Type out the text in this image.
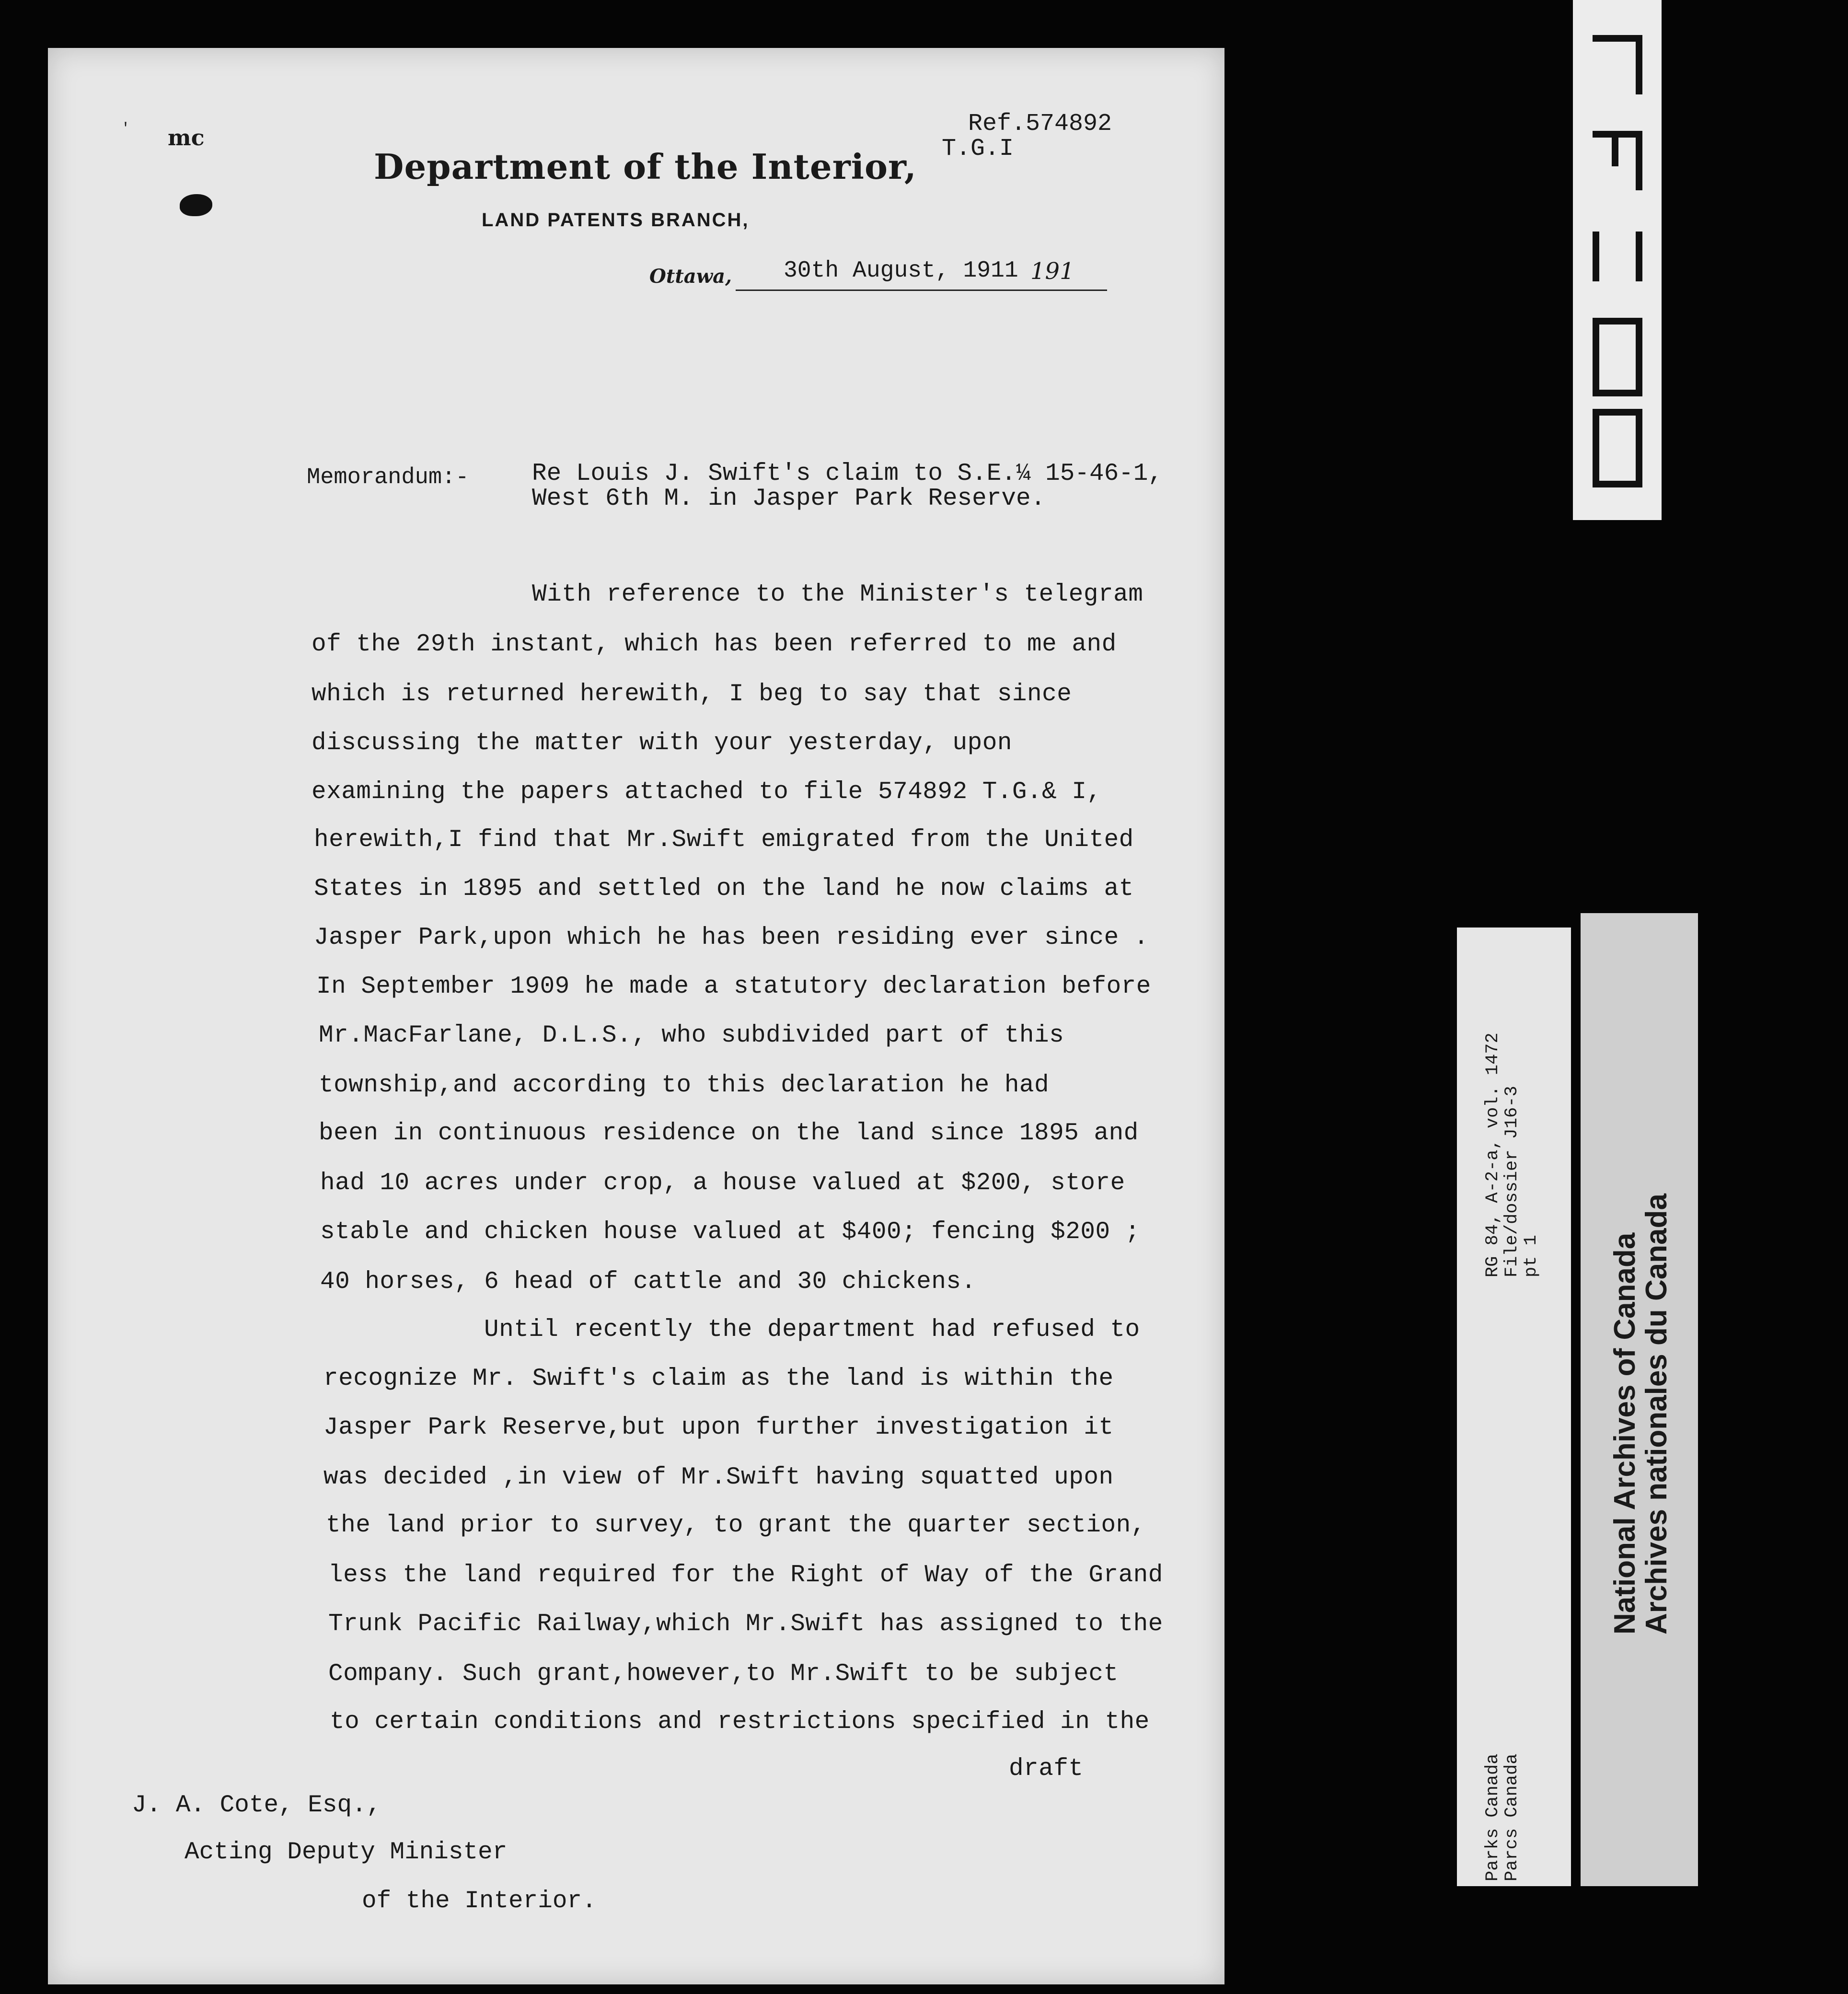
ʹ mc	Ref.574892
T.G.I
Department of the Interior,
LAND PATENTS BRANCH,
Ottawa, 30th August, 1911 191
Memorandum:-	Re Louis J. Swift's claim to S.E.¼ 15-46-1,
West 6th M. in Jasper Park Reserve.
With reference to the Minister's telegram
of the 29th instant, which has been referred to me and
which is returned herewith, I beg to say that since
discussing the matter with your yesterday, upon
examining the papers attached to file 574892 T.G.& I,
herewith,I find that Mr.Swift emigrated from the United
States in 1895 and settled on the land he now claims at
Jasper Park,upon which he has been residing ever since .
In September 1909 he made a statutory declaration before
Mr.MacFarlane, D.L.S., who subdivided part of this
township,and according to this declaration he had
been in continuous residence on the land since 1895 and
had 10 acres under crop, a house valued at $200, store
stable and chicken house valued at $400; fencing $200 ;
40 horses, 6 head of cattle and 30 chickens.
Until recently the department had refused to
recognize Mr. Swift's claim as the land is within the
Jasper Park Reserve,but upon further investigation it
was decided ,in view of Mr.Swift having squatted upon
the land prior to survey, to grant the quarter section,
less the land required for the Right of Way of the Grand
Trunk Pacific Railway,which Mr.Swift has assigned to the
Company. Such grant,however,to Mr.Swift to be subject
to certain conditions and restrictions specified in the
draft
J. A. Cote, Esq.,
Acting Deputy Minister
of the Interior.
RG 84, A-2-a, vol. 1472
File/dossier J16-3
pt 1
Parks Canada
Parcs Canada
National Archives of Canada
Archives nationales du Canada
